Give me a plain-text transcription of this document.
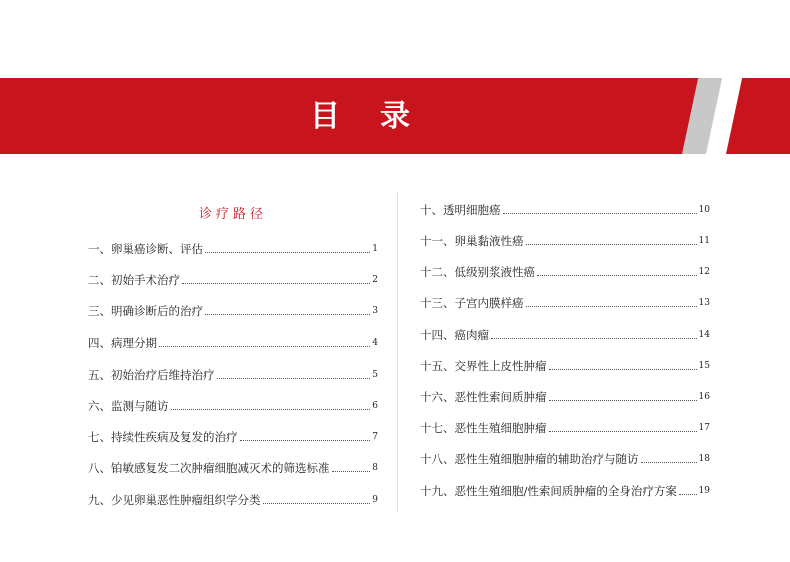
目录
诊疗路径
一、卵巢癌诊断、评估	1
二、初始手术治疗	2
三、明确诊断后的治疗	3
四、病理分期	4
五、初始治疗后维持治疗	5
六、监测与随访	6
七、持续性疾病及复发的治疗	7
八、铂敏感复发二次肿瘤细胞减灭术的筛选标准	8
九、少见卵巢恶性肿瘤组织学分类	9
十、透明细胞癌	10
十一、卵巢黏液性癌	11
十二、低级别浆液性癌	12
十三、子宫内膜样癌	13
十四、癌肉瘤	14
十五、交界性上皮性肿瘤	15
十六、恶性性索间质肿瘤	16
十七、恶性生殖细胞肿瘤	17
十八、恶性生殖细胞肿瘤的辅助治疗与随访	18
十九、恶性生殖细胞/性索间质肿瘤的全身治疗方案 19
